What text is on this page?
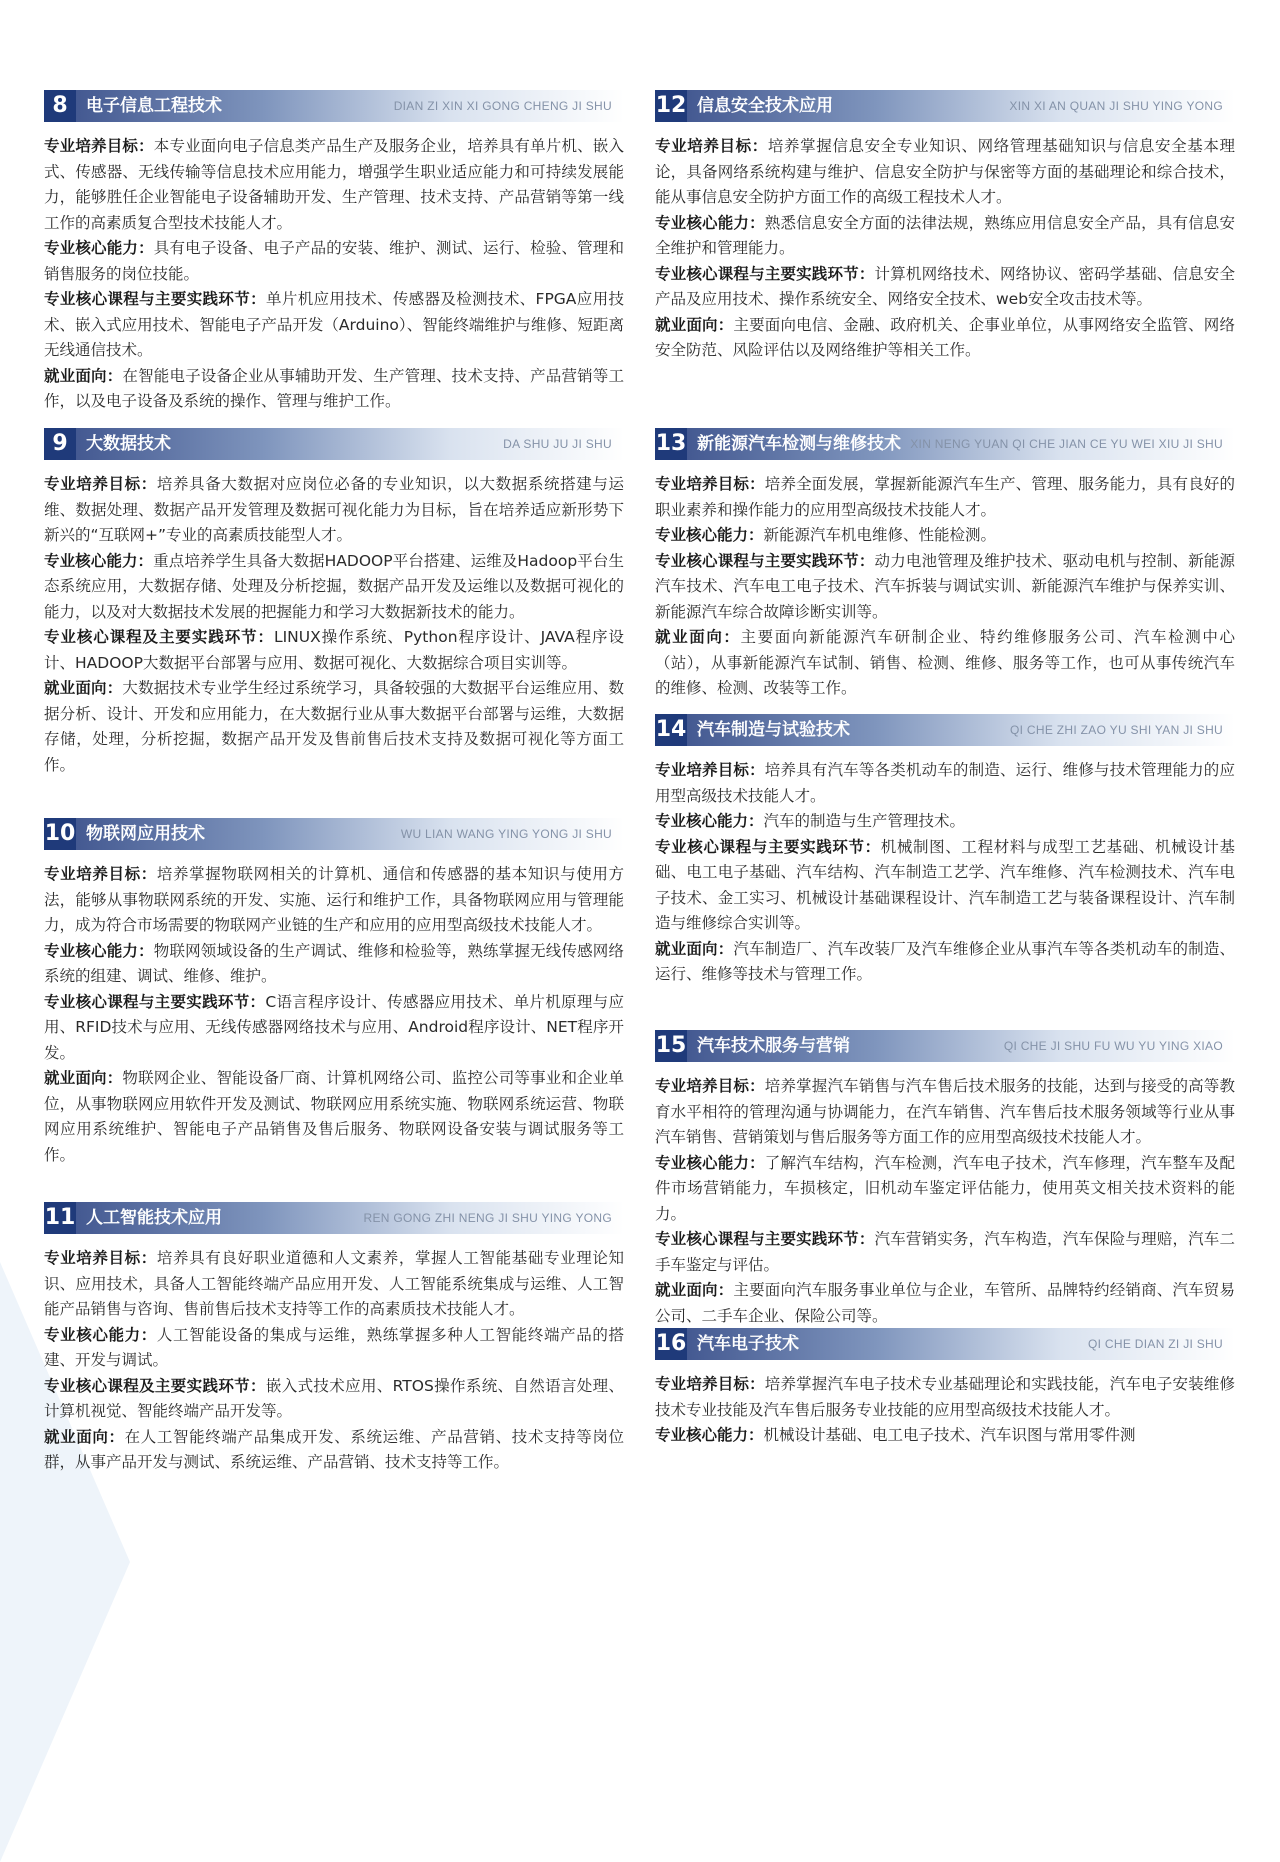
8	电子信息工程技术	DIAN ZI XIN XI GONG CHENG JI SHU

专业培养目标：本专业面向电子信息类产品生产及服务企业，培养具有单片机、嵌入式、传感器、无线传输等信息技术应用能力，增强学生职业适应能力和可持续发展能力，能够胜任企业智能电子设备辅助开发、生产管理、技术支持、产品营销等第一线工作的高素质复合型技术技能人才。

专业核心能力：具有电子设备、电子产品的安装、维护、测试、运行、检验、管理和销售服务的岗位技能。

专业核心课程与主要实践环节：单片机应用技术、传感器及检测技术、FPGA应用技术、嵌入式应用技术、智能电子产品开发（Arduino）、智能终端维护与维修、短距离无线通信技术。

就业面向：在智能电子设备企业从事辅助开发、生产管理、技术支持、产品营销等工作，以及电子设备及系统的操作、管理与维护工作。

9	大数据技术	DA SHU JU JI SHU

专业培养目标：培养具备大数据对应岗位必备的专业知识，以大数据系统搭建与运维、数据处理、数据产品开发管理及数据可视化能力为目标，旨在培养适应新形势下新兴的“互联网+”专业的高素质技能型人才。

专业核心能力：重点培养学生具备大数据HADOOP平台搭建、运维及Hadoop平台生态系统应用，大数据存储、处理及分析挖掘，数据产品开发及运维以及数据可视化的能力，以及对大数据技术发展的把握能力和学习大数据新技术的能力。

专业核心课程及主要实践环节：LINUX操作系统、Python程序设计、JAVA程序设计、HADOOP大数据平台部署与应用、数据可视化、大数据综合项目实训等。

就业面向：大数据技术专业学生经过系统学习，具备较强的大数据平台运维应用、数据分析、设计、开发和应用能力，在大数据行业从事大数据平台部署与运维，大数据存储，处理，分析挖掘，数据产品开发及售前售后技术支持及数据可视化等方面工作。

10 物联网应用技术	WU LIAN WANG YING YONG JI SHU

专业培养目标：培养掌握物联网相关的计算机、通信和传感器的基本知识与使用方法，能够从事物联网系统的开发、实施、运行和维护工作，具备物联网应用与管理能力，成为符合市场需要的物联网产业链的生产和应用的应用型高级技术技能人才。

专业核心能力：物联网领域设备的生产调试、维修和检验等，熟练掌握无线传感网络系统的组建、调试、维修、维护。

专业核心课程与主要实践环节：C语言程序设计、传感器应用技术、单片机原理与应用、RFID技术与应用、无线传感器网络技术与应用、Android程序设计、NET程序开发。

就业面向：物联网企业、智能设备厂商、计算机网络公司、监控公司等事业和企业单位，从事物联网应用软件开发及测试、物联网应用系统实施、物联网系统运营、物联网应用系统维护、智能电子产品销售及售后服务、物联网设备安装与调试服务等工作。

11 人工智能技术应用	REN GONG ZHI NENG JI SHU YING YONG

专业培养目标：培养具有良好职业道德和人文素养，掌握人工智能基础专业理论知识、应用技术，具备人工智能终端产品应用开发、人工智能系统集成与运维、人工智能产品销售与咨询、售前售后技术支持等工作的高素质技术技能人才。

专业核心能力：人工智能设备的集成与运维，熟练掌握多种人工智能终端产品的搭建、开发与调试。

专业核心课程及主要实践环节：嵌入式技术应用、RTOS操作系统、自然语言处理、计算机视觉、智能终端产品开发等。

就业面向：在人工智能终端产品集成开发、系统运维、产品营销、技术支持等岗位群，从事产品开发与测试、系统运维、产品营销、技术支持等工作。

12 信息安全技术应用	XIN XI AN QUAN JI SHU YING YONG

专业培养目标：培养掌握信息安全专业知识、网络管理基础知识与信息安全基本理论，具备网络系统构建与维护、信息安全防护与保密等方面的基础理论和综合技术，能从事信息安全防护方面工作的高级工程技术人才。

专业核心能力：熟悉信息安全方面的法律法规，熟练应用信息安全产品，具有信息安全维护和管理能力。

专业核心课程与主要实践环节：计算机网络技术、网络协议、密码学基础、信息安全产品及应用技术、操作系统安全、网络安全技术、web安全攻击技术等。

就业面向：主要面向电信、金融、政府机关、企事业单位，从事网络安全监管、网络安全防范、风险评估以及网络维护等相关工作。

13 新能源汽车检测与维修技术 XIN NENG YUAN QI CHE JIAN CE YU WEI XIU JI SHU

专业培养目标：培养全面发展，掌握新能源汽车生产、管理、服务能力，具有良好的职业素养和操作能力的应用型高级技术技能人才。

专业核心能力：新能源汽车机电维修、性能检测。

专业核心课程与主要实践环节：动力电池管理及维护技术、驱动电机与控制、新能源汽车技术、汽车电工电子技术、汽车拆装与调试实训、新能源汽车维护与保养实训、新能源汽车综合故障诊断实训等。

就业面向：主要面向新能源汽车研制企业、特约维修服务公司、汽车检测中心（站），从事新能源汽车试制、销售、检测、维修、服务等工作，也可从事传统汽车的维修、检测、改装等工作。

14 汽车制造与试验技术	QI CHE ZHI ZAO YU SHI YAN JI SHU

专业培养目标：培养具有汽车等各类机动车的制造、运行、维修与技术管理能力的应用型高级技术技能人才。

专业核心能力：汽车的制造与生产管理技术。

专业核心课程与主要实践环节：机械制图、工程材料与成型工艺基础、机械设计基础、电工电子基础、汽车结构、汽车制造工艺学、汽车维修、汽车检测技术、汽车电子技术、金工实习、机械设计基础课程设计、汽车制造工艺与装备课程设计、汽车制造与维修综合实训等。

就业面向：汽车制造厂、汽车改装厂及汽车维修企业从事汽车等各类机动车的制造、运行、维修等技术与管理工作。

15 汽车技术服务与营销	QI CHE JI SHU FU WU YU YING XIAO

专业培养目标：培养掌握汽车销售与汽车售后技术服务的技能，达到与接受的高等教育水平相符的管理沟通与协调能力，在汽车销售、汽车售后技术服务领域等行业从事汽车销售、营销策划与售后服务等方面工作的应用型高级技术技能人才。

专业核心能力：了解汽车结构，汽车检测，汽车电子技术，汽车修理，汽车整车及配件市场营销能力，车损核定，旧机动车鉴定评估能力，使用英文相关技术资料的能力。

专业核心课程与主要实践环节：汽车营销实务，汽车构造，汽车保险与理赔，汽车二手车鉴定与评估。

就业面向：主要面向汽车服务事业单位与企业，车管所、品牌特约经销商、汽车贸易公司、二手车企业、保险公司等。

16 汽车电子技术	QI CHE DIAN ZI JI SHU

专业培养目标：培养掌握汽车电子技术专业基础理论和实践技能，汽车电子安装维修技术专业技能及汽车售后服务专业技能的应用型高级技术技能人才。

专业核心能力：机械设计基础、电工电子技术、汽车识图与常用零件测
